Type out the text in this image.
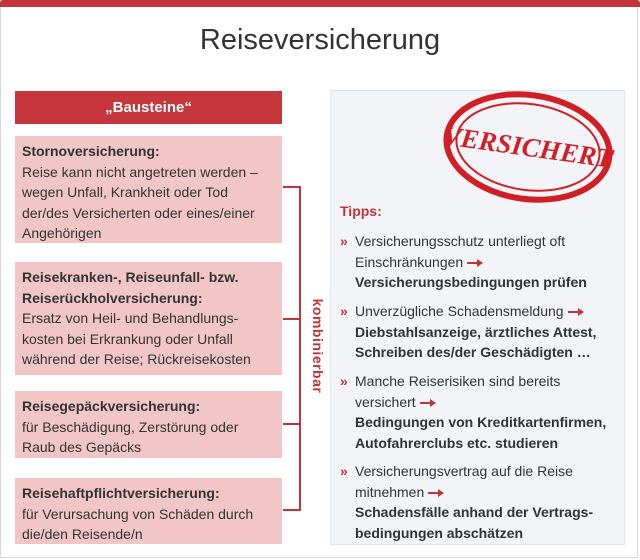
Reiseversicherung
„Bausteine“
Stornoversicherung:
Reise kann nicht angetreten werden – wegen Unfall, Krankheit oder Tod der/des Versicherten oder eines/einer Angehörigen
Reisekranken-, Reiseunfall- bzw. Reiserückholversicherung:
Ersatz von Heil- und Behandlungs-kosten bei Erkrankung oder Unfall während der Reise; Rückreisekosten
Reisegepäckversicherung:
für Beschädigung, Zerstörung oder Raub des Gepäcks
Reisehaftpflichtversicherung:
für Verursachung von Schäden durch die/den Reisende/n
kombinierbar
VERSICHERT
Tipps:
» Versicherungsschutz unterliegt oft Einschränkungen
Versicherungsbedingungen prüfen
» Unverzügliche Schadensmeldung
Diebstahlsanzeige, ärztliches Attest, Schreiben des/der Geschädigten …
» Manche Reiserisiken sind bereits versichert
Bedingungen von Kreditkartenfirmen, Autofahrerclubs etc. studieren
» Versicherungsvertrag auf die Reise mitnehmen
Schadensfälle anhand der Vertrags-bedingungen abschätzen
